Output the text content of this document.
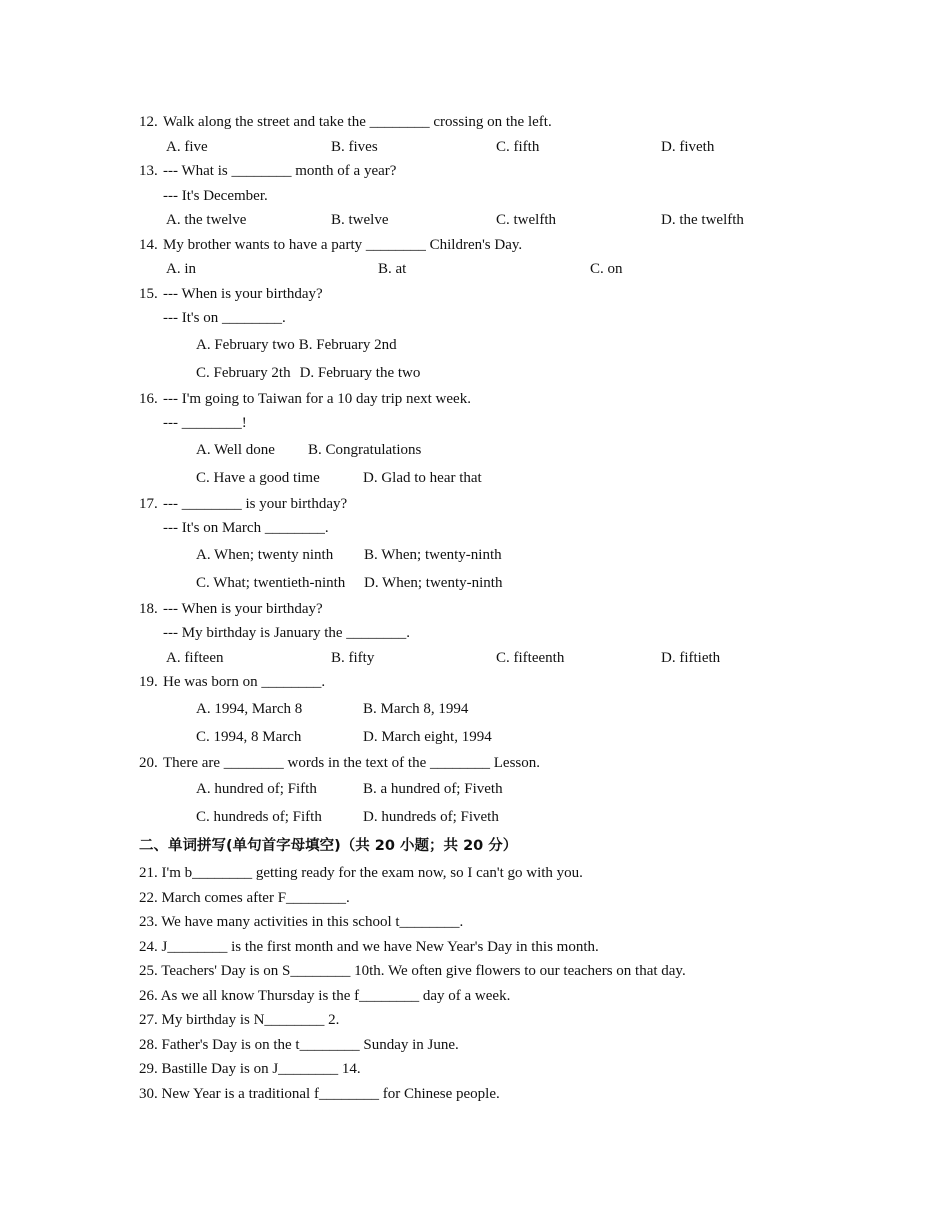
12. Walk along the street and take the ________ crossing on the left.
A. five	B. fives	C. fifth	D. fiveth
13. --- What is ________ month of a year?
--- It's December.
A. the twelve	B. twelve	C. twelfth	D. the twelfth
14. My brother wants to have a party ________ Children's Day.
A. in	B. at	C. on
15. --- When is your birthday?
--- It's on ________.
A. February two B. February 2nd
C. February 2th D. February the two
16. --- I'm going to Taiwan for a 10 day trip next week.
--- ________!
A. Well done	B. Congratulations
C. Have a good time	D. Glad to hear that
17. --- ________ is your birthday?
--- It's on March ________.
A. When; twenty ninth	B. When; twenty-ninth
C. What; twentieth-ninth	D. When; twenty-ninth
18. --- When is your birthday?
--- My birthday is January the ________.
A. fifteen	B. fifty	C. fifteenth	D. fiftieth
19. He was born on ________.
A. 1994, March 8	B. March 8, 1994
C. 1994, 8 March	D. March eight, 1994
20. There are ________ words in the text of the ________ Lesson.
A. hundred of; Fifth	B. a hundred of; Fiveth
C. hundreds of; Fifth	D. hundreds of; Fiveth
二、单词拼写(单句首字母填空)（共 20 小题；共 20 分）
21. I'm b________ getting ready for the exam now, so I can't go with you.
22. March comes after F________.
23. We have many activities in this school t________.
24. J________ is the first month and we have New Year's Day in this month.
25. Teachers' Day is on S________ 10th. We often give flowers to our teachers on that day.
26. As we all know Thursday is the f________ day of a week.
27. My birthday is N________ 2.
28. Father's Day is on the t________ Sunday in June.
29. Bastille Day is on J________ 14.
30. New Year is a traditional f________ for Chinese people.
